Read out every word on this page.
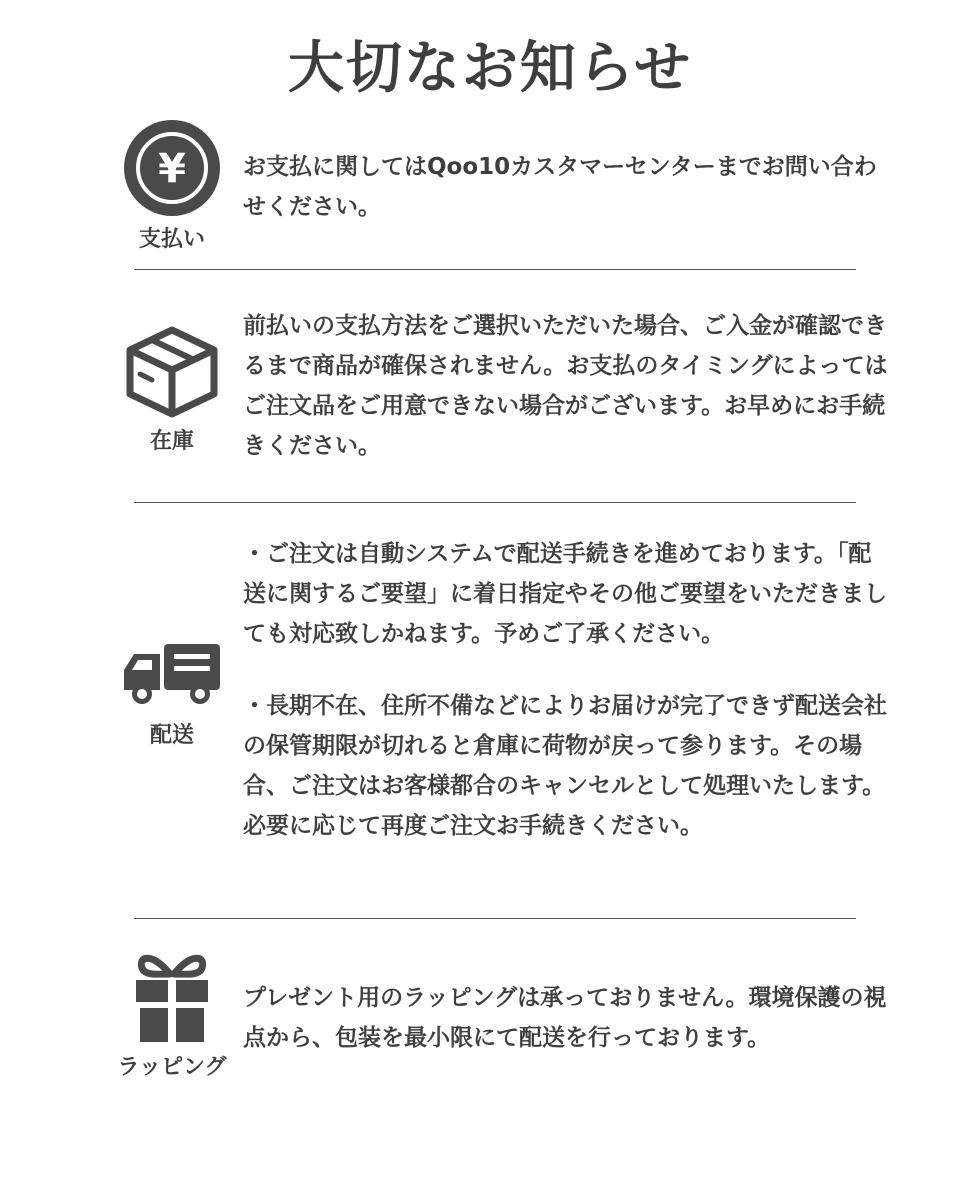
大切なお知らせ
¥
支払い

お支払に関してはQoo10カスタマーセンターまでお問い合わせください。

在庫

前払いの支払方法をご選択いただいた場合、ご入金が確認できるまで商品が確保されません。お支払のタイミングによってはご注文品をご用意できない場合がございます。お早めにお手続きください。

配送

・ご注文は自動システムで配送手続きを進めております。「配送に関するご要望」に着日指定やその他ご要望をいただきましても対応致しかねます。予めご了承ください。

・長期不在、住所不備などによりお届けが完了できず配送会社の保管期限が切れると倉庫に荷物が戻って参ります。その場合、ご注文はお客様都合のキャンセルとして処理いたします。必要に応じて再度ご注文お手続きください。

ラッピング

プレゼント用のラッピングは承っておりません。環境保護の視点から、包装を最小限にて配送を行っております。
